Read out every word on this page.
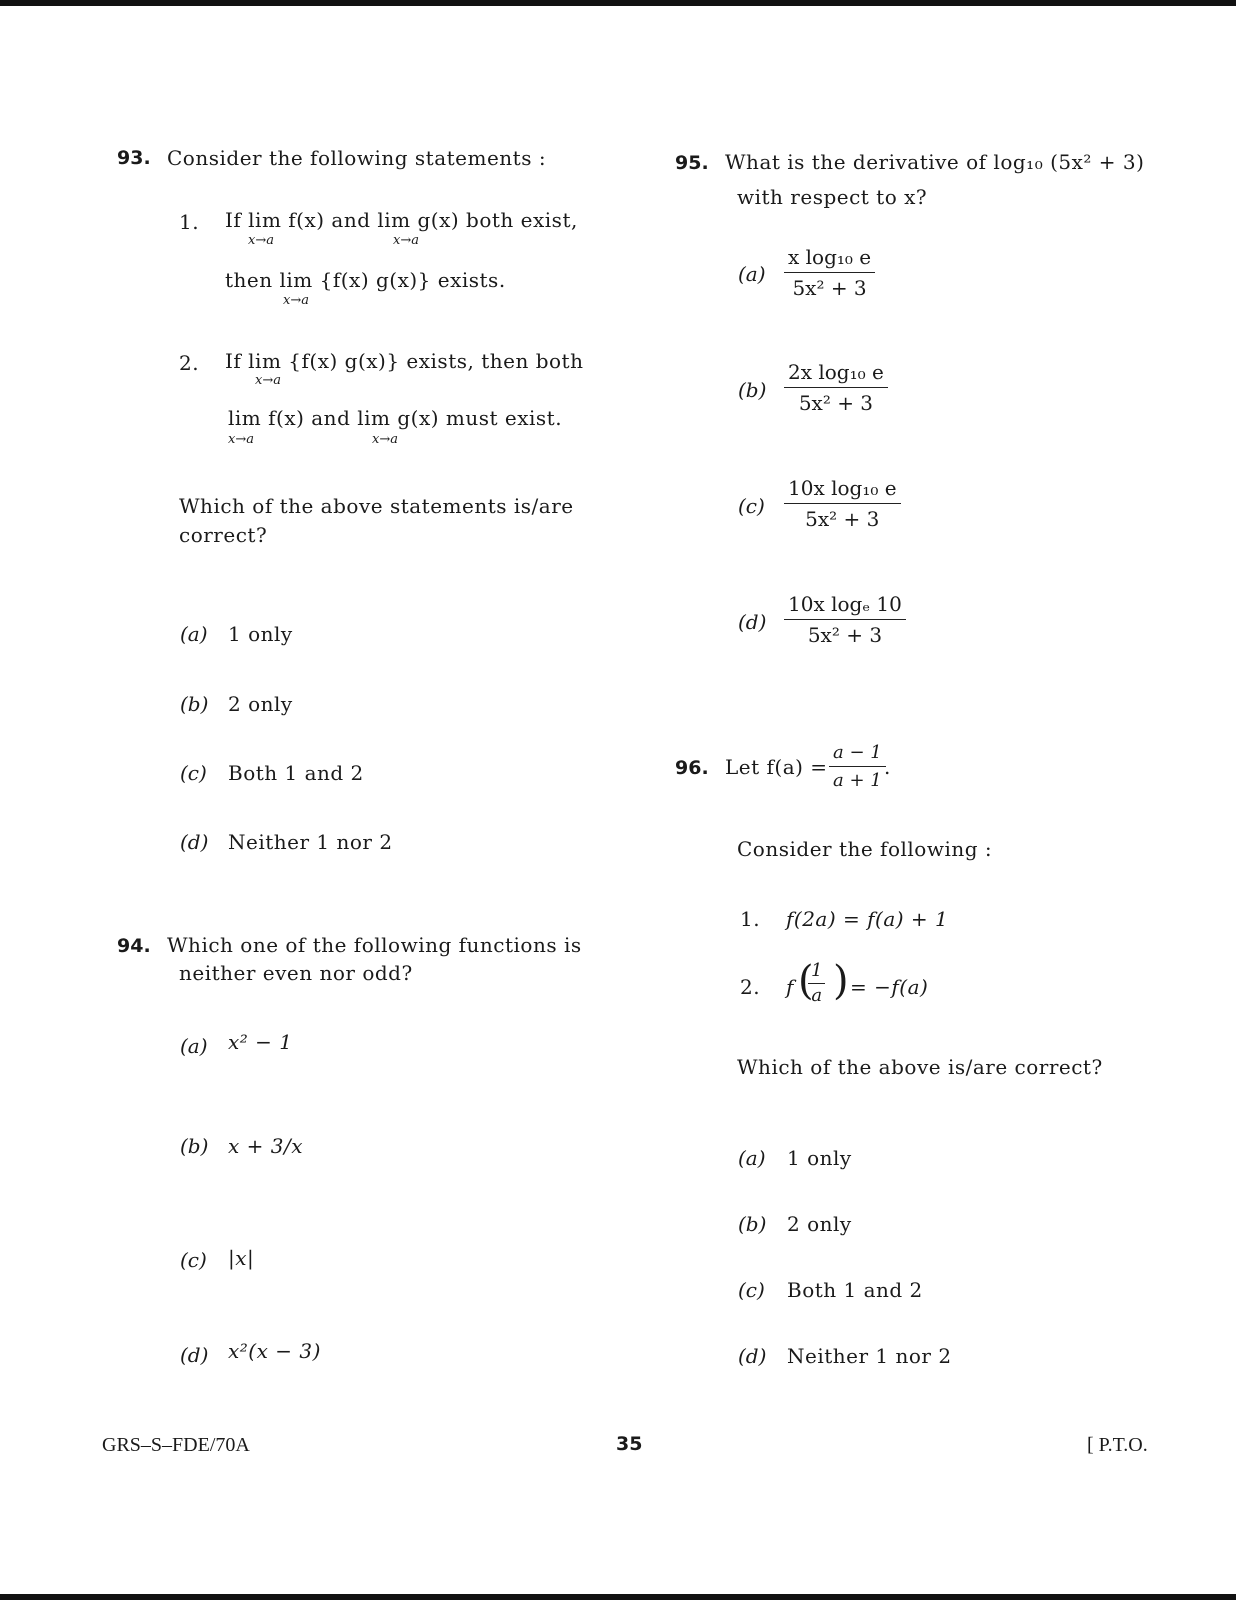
93. Consider the following statements :
1. If lim f(x) and lim g(x) both exist,
x→a	x→a
then lim {f(x) g(x)} exists.
x→a
2. If lim {f(x) g(x)} exists, then both
x→a
lim f(x) and lim g(x) must exist.
x→a	x→a
Which of the above statements is/are
correct?
(a) 1 only
(b) 2 only
(c) Both 1 and 2
(d) Neither 1 nor 2
94. Which one of the following functions is
neither even nor odd?
(a) x² − 1
(b) x + 3/x
(c) |x|
(d) x²(x − 3)
95. What is the derivative of log₁₀ (5x² + 3)
with respect to x?
$(a) \frac{\text{x log₁₀ e}}{\text{5x² + 3}}$
$(b) \frac{\text{2x log₁₀ e}}{\text{5x² + 3}}$
$(c) \frac{\text{10x log₁₀ e}}{\text{5x² + 3}}$
$(d) \frac{\text{10x logₑ 10}}{\text{5x² + 3}}$
96. Let $f(a) = \frac{a - 1}{a + 1}$
.
Consider the following :
1. f(2a) = f(a) + 1
2. f (
$\frac{1}{a}$ ) = −f(a)
Which of the above is/are correct?
(a) 1 only
(b) 2 only
(c) Both 1 and 2
(d) Neither 1 nor 2
GRS–S–FDE/70A	35	[ P.T.O.
